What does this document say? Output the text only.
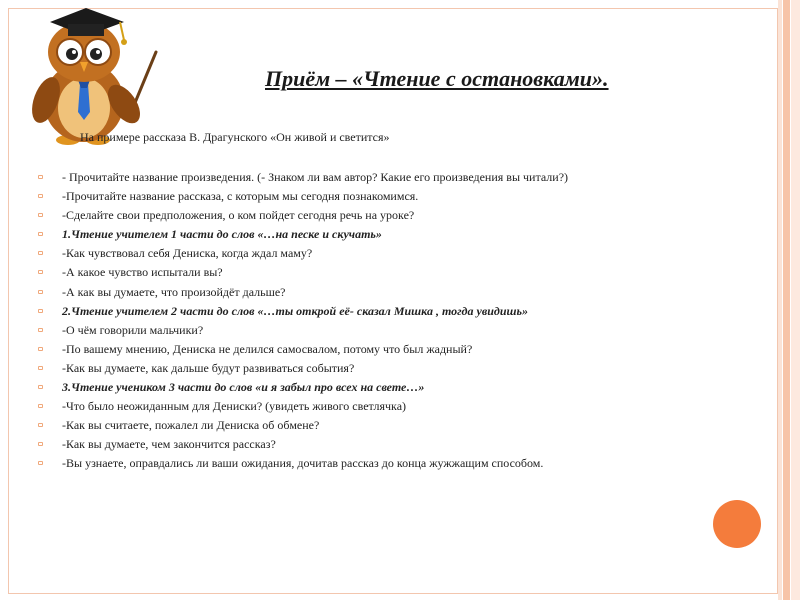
Приём – «Чтение с остановками».
На примере рассказа В. Драгунского «Он живой и светится»
- Прочитайте название произведения. (- Знаком ли вам автор? Какие его произведения вы читали?)
-Прочитайте название рассказа, с которым мы сегодня познакомимся.
-Сделайте свои предположения, о ком пойдет сегодня речь на уроке?
1.Чтение учителем 1 части до слов «…на песке и скучать»
-Как чувствовал себя Дениска, когда ждал маму?
-А какое чувство испытали вы?
-А как вы думаете, что произойдёт дальше?
2.Чтение учителем 2 части до слов «…ты открой её- сказал Мишка , тогда увидишь»
-О чём говорили мальчики?
-По вашему мнению, Дениска не делился самосвалом, потому что был жадный?
-Как вы думаете, как дальше будут развиваться события?
3.Чтение учеником 3 части до слов «и я забыл про всех на свете…»
-Что было неожиданным для Дениски? (увидеть живого светлячка)
-Как вы считаете, пожалел ли Дениска об обмене?
-Как вы думаете, чем закончится рассказ?
-Вы узнаете, оправдались ли ваши ожидания, дочитав рассказ до конца жужжащим способом.
